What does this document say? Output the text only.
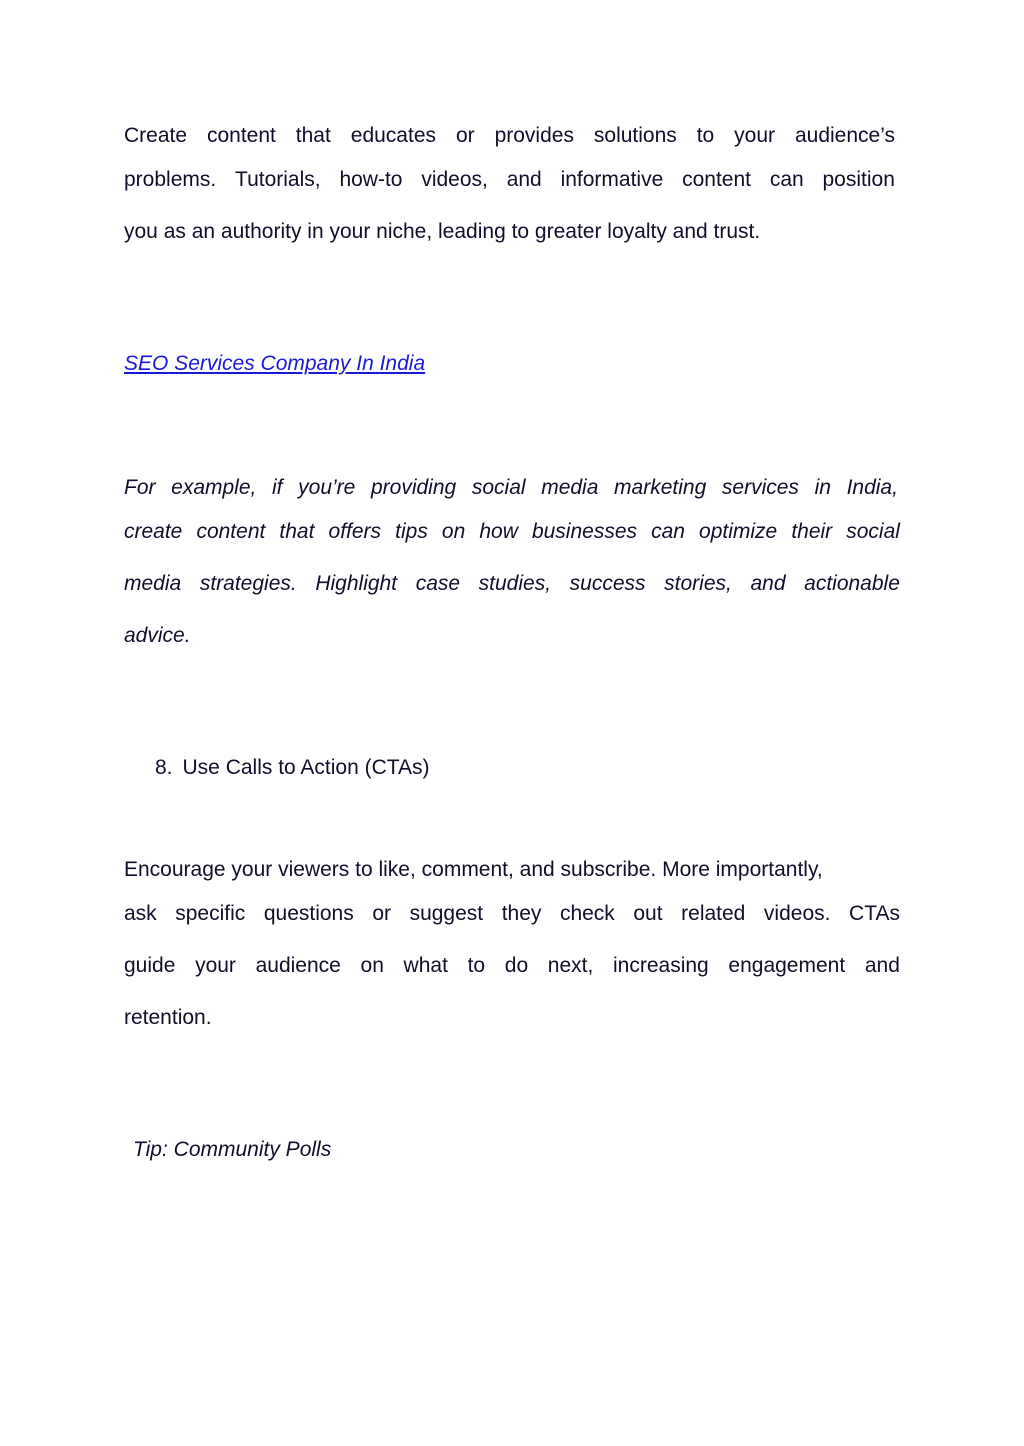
Create content that educates or provides solutions to your audience’s
problems. Tutorials, how-to videos, and informative content can position
you as an authority in your niche, leading to greater loyalty and trust.
SEO Services Company In India
For example, if you’re providing social media marketing services in India,
create content that offers tips on how businesses can optimize their social
media strategies. Highlight case studies, success stories, and actionable
advice.
8. Use Calls to Action (CTAs)
Encourage your viewers to like, comment, and subscribe. More importantly,
ask specific questions or suggest they check out related videos. CTAs
guide your audience on what to do next, increasing engagement and
retention.
Tip: Community Polls
